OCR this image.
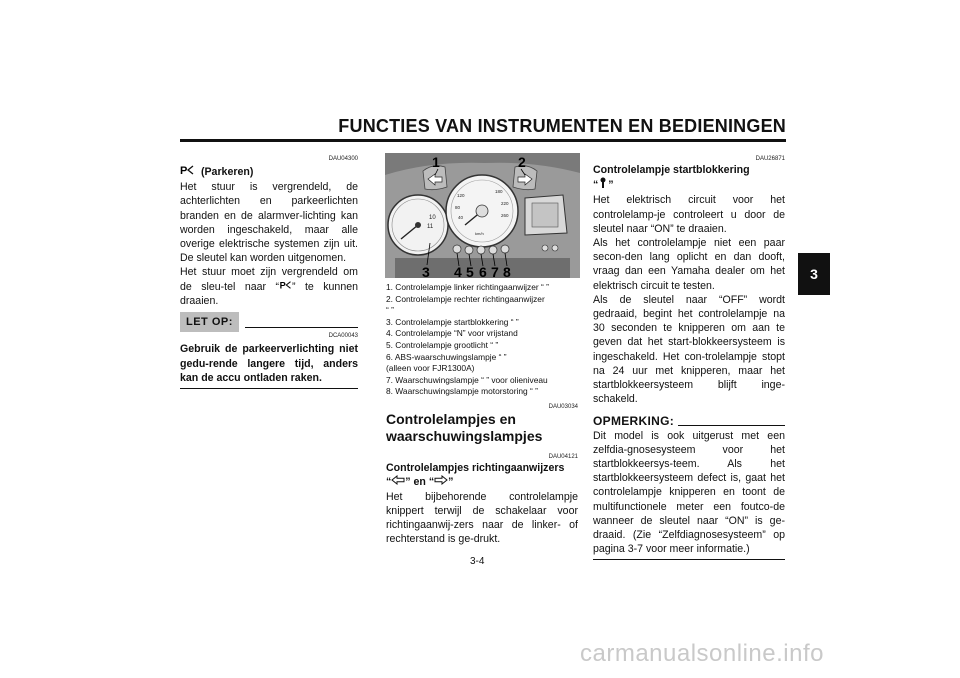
FUNCTIES VAN INSTRUMENTEN EN BEDIENINGEN
3
DAU04300
P (Parkeren)

Het stuur is vergrendeld, de achterlichten en parkeerlichten branden en de alarmver-lichting kan worden ingeschakeld, maar alle overige elektrische systemen zijn uit. De sleutel kan worden uitgenomen.

Het stuur moet zijn vergrendeld om de sleu-tel naar “ P ” te kunnen draaien.

LET OP:
DCA00043

Gebruik de parkeerverlichting niet gedu-rende langere tijd, anders kan de accu ontladen raken.

10
11
120
80
40
180
220
260
km/h
1	2
3 4 5 6 7 8
1. Controlelampje linker richtingaanwijzer “ ”
2. Controlelampje rechter richtingaanwijzer
“ ”
3. Controlelampje startblokkering “ ”
4. Controlelampje “N” voor vrijstand
5. Controlelampje grootlicht “ ”
6. ABS-waarschuwingslampje “ ”
(alleen voor FJR1300A)
7. Waarschuwingslampje “ ” voor olieniveau
8. Waarschuwingslampje motorstoring “ ”
DAU03034
Controlelampjes en
waarschuwingslampjes
DAU04121
Controlelampjes richtingaanwijzers
“ ” en “ ”

Het bijbehorende controlelampje knippert terwijl de schakelaar voor richtingaanwij-zers naar de linker- of rechterstand is ge-drukt.

DAU26871
Controlelampje startblokkering
“ ”

Het elektrisch circuit voor het controlelamp-je controleert u door de sleutel naar “ON” te draaien.

Als het controlelampje niet een paar secon-den lang oplicht en dan dooft, vraag dan een Yamaha dealer om het elektrisch circuit te testen.

Als de sleutel naar “OFF” wordt gedraaid, begint het controlelampje na 30 seconden te knipperen om aan te geven dat het start-blokkeersysteem is ingeschakeld. Het con-trolelampje stopt na 24 uur met knipperen, maar het startblokkeersysteem blijft inge-schakeld.

OPMERKING:

Dit model is ook uitgerust met een zelfdia-gnosesysteem voor het startblokkeersys-teem. Als het startblokkeersysteem defect is, gaat het controlelampje knipperen en toont de multifunctionele meter een foutco-de wanneer de sleutel naar “ON” is ge-draaid. (Zie “Zelfdiagnosesysteem” op pagina 3-7 voor meer informatie.)

3-4
carmanualsonline.info
